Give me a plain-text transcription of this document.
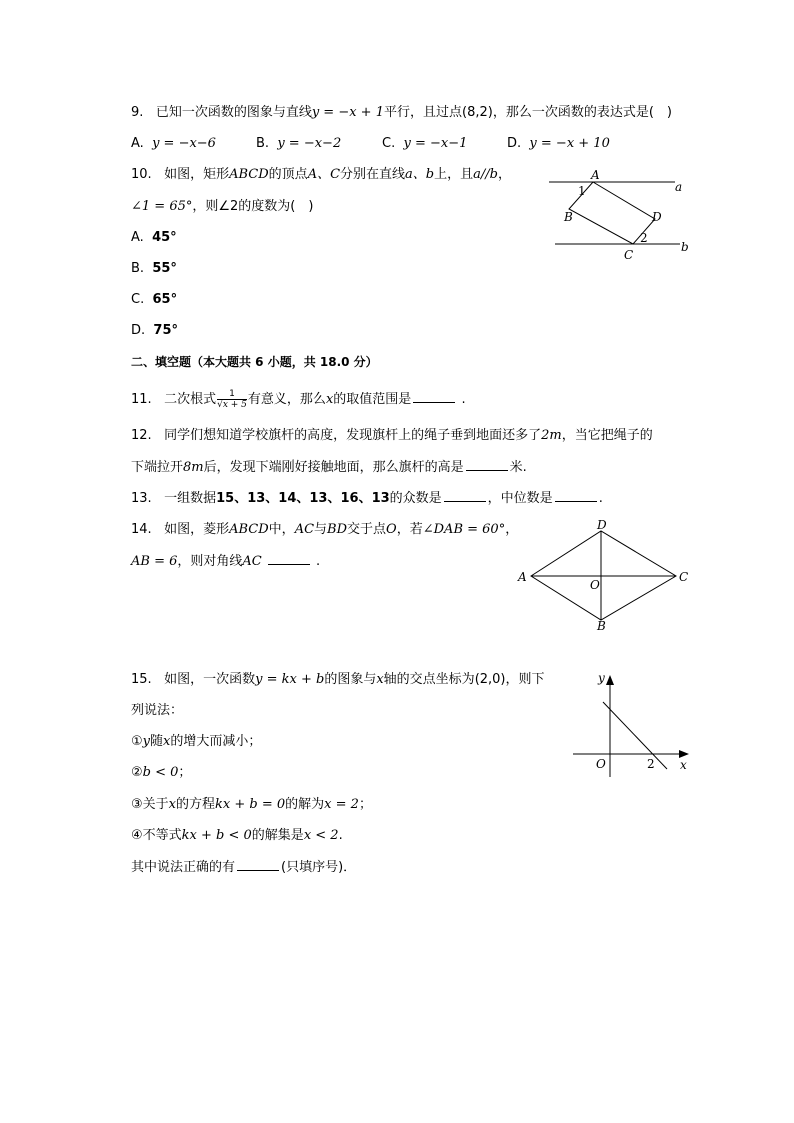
9. 已知一次函数的图象与直线y = −x + 1平行，且过点(8,2)，那么一次函数的表达式是(　)
A. y = −x−6	B. y = −x−2	C. y = −x−1	D. y = −x + 10
10. 如图，矩形ABCD的顶点A、C分别在直线a、b上，且a//b，
∠1 = 65°，则∠2的度数为(　)
A. 45°
B. 55°
C. 65°
D. 75°
A
B
C
D
a
b
1
2
二、填空题（本大题共 6 小题，共 18.0 分）
11. 二次根式 $\frac{1}{√x + 5}$ 有意义，那么x的取值范围是	.
12. 同学们想知道学校旗杆的高度，发现旗杆上的绳子垂到地面还多了2m，当它把绳子的
下端拉开8m后，发现下端刚好接触地面，那么旗杆的高是	米.
13. 一组数据15、13、14、13、16、13的众数是	，中位数是	.
14. 如图，菱形ABCD中，AC与BD交于点O，若∠DAB = 60°，
AB = 6，则对角线AC	.
A
D
C
B
O
15. 如图，一次函数y = kx + b的图象与x轴的交点坐标为(2,0)，则下
列说法：
①y随x的增大而减小；
②b < 0；
③关于x的方程kx + b = 0的解为x = 2；
④不等式kx + b < 0的解集是x < 2.
其中说法正确的有	(只填序号)．
y
x
O	2
